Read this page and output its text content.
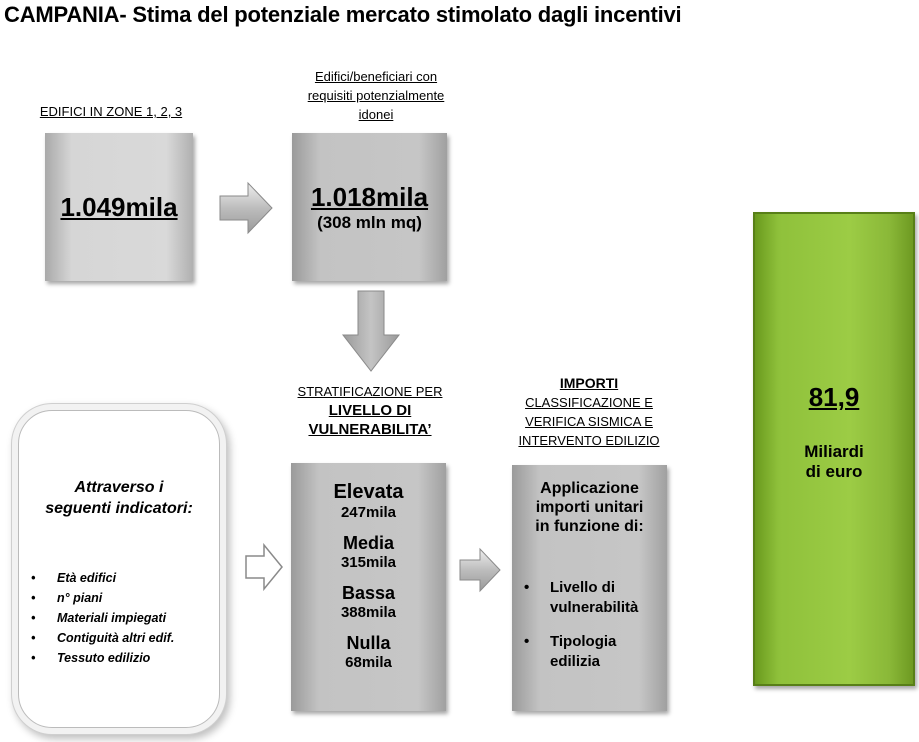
CAMPANIA- Stima del potenziale mercato stimolato dagli incentivi
EDIFICI IN ZONE 1, 2, 3
1.049mila
Edifici/beneficiari con
requisiti potenzialmente
idonei
1.018mila
(308 mln mq)
STRATIFICAZIONE PER
LIVELLO DI
VULNERABILITA’
Elevata
247mila
Media
315mila
Bassa
388mila
Nulla
68mila
IMPORTI
CLASSIFICAZIONE E
VERIFICA SISMICA E
INTERVENTO EDILIZIO
Applicazione
importi unitari
in funzione di:
• Livello di
vulnerabilità
• Tipologia
edilizia
Attraverso i
seguenti indicatori:
• Età edifici
• n° piani
• Materiali impiegati
• Contiguità altri edif.
• Tessuto edilizio
81,9
Miliardi
di euro
